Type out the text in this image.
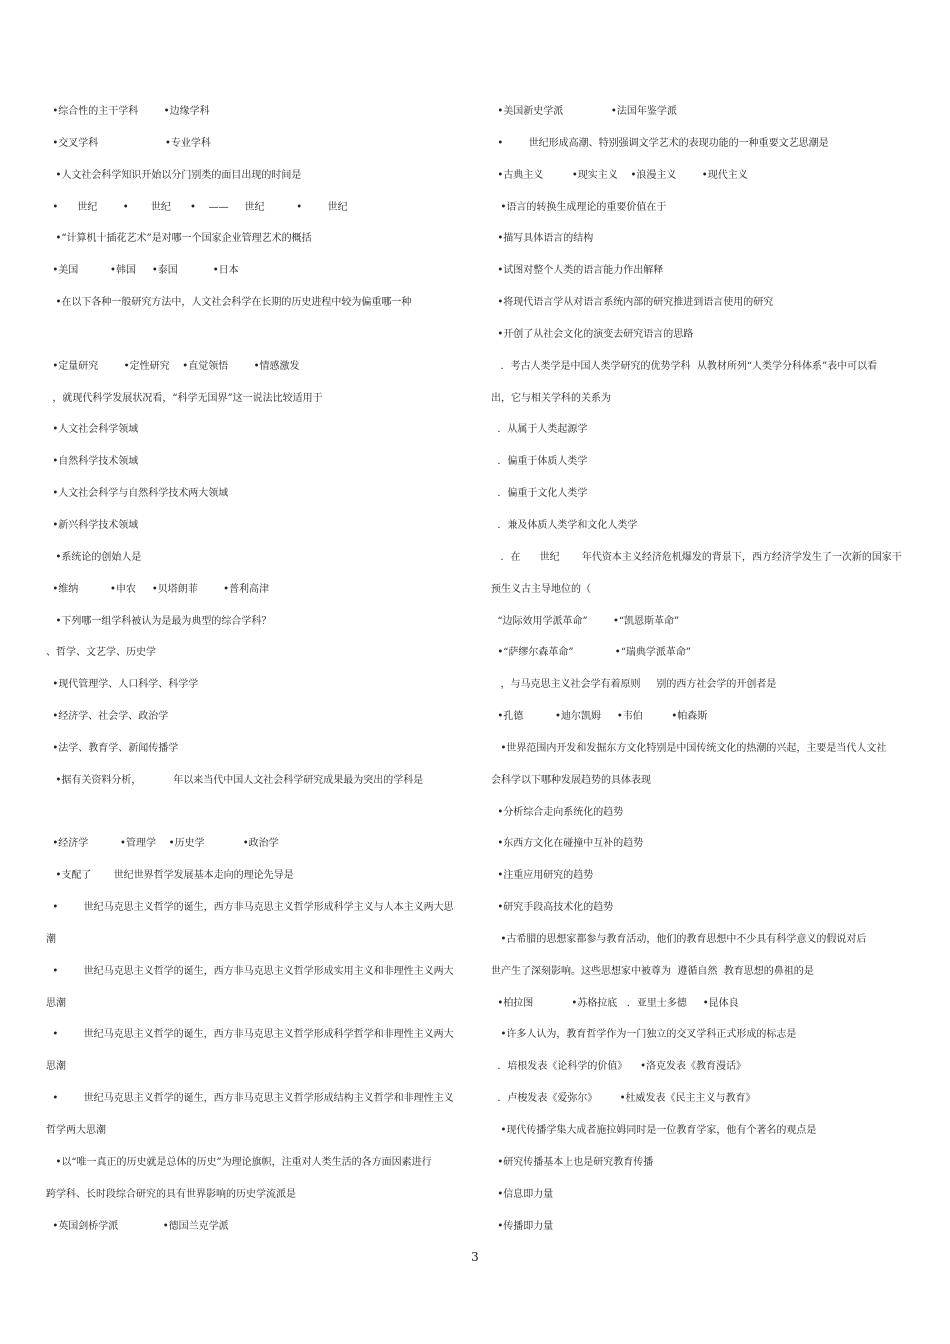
•综合性的主干学科        •边缘学科
•交叉学科                     •专业学科
•人文社会科学知识开始以分门别类的面目出现的时间是
•      世纪        •       世纪      •    ——     世纪          •        世纪
•“计算机十插花艺术”是对哪一个国家企业管理艺术的概括
•美国          •韩国     •泰国           •日本
•在以下各种一般研究方法中，人文社会科学在长期的历史进程中较为偏重哪一种
•定量研究        •定性研究    •直觉领悟        •情感激发
，就现代科学发展状况看，“科学无国界”这一说法比较适用于
•人文社会科学领域
•自然科学技术领域
•人文社会科学与自然科学技术两大领域
•新兴科学技术领域
•系统论的创始人是
•维纳          •申农     •贝塔朗菲        •普利高津
•下列哪一组学科被认为是最为典型的综合学科？
、哲学、文艺学、历史学
•现代管理学、人口科学、科学学
•经济学、社会学、政治学
•法学、教育学、新闻传播学
•据有关资料分析，          年以来当代中国人文社会科学研究成果最为突出的学科是
•经济学          •管理学    •历史学            •政治学
•支配了       世纪世界哲学发展基本走向的理论先导是
•        世纪马克思主义哲学的诞生，西方非马克思主义哲学形成科学主义与人本主义两大思
潮
•        世纪马克思主义哲学的诞生，西方非马克思主义哲学形成实用主义和非理性主义两大
思潮
•        世纪马克思主义哲学的诞生，西方非马克思主义哲学形成科学哲学和非理性主义两大
思潮
•        世纪马克思主义哲学的诞生，西方非马克思主义哲学形成结构主义哲学和非理性主义
哲学两大思潮
•以“唯一真正的历史就是总体的历史”为理论旗帜，注重对人类生活的各方面因素进行
跨学科、长时段综合研究的具有世界影响的历史学流派是
•英国剑桥学派              •德国兰克学派
•美国新史学派               •法国年鉴学派
•        世纪形成高潮、特别强调文学艺术的表现功能的一种重要文艺思潮是
•古典主义         •现实主义    •浪漫主义        •现代主义
•语言的转换生成理论的重要价值在于
•描写具体语言的结构
•试图对整个人类的语言能力作出解释
•将现代语言学从对语言系统内部的研究推进到语言使用的研究
•开创了从社会文化的演变去研究语言的思路
．考古人类学是中国人类学研究的优势学科  从教材所列“人类学分科体系”表中可以看
出，它与相关学科的关系为
．从属于人类起源学
．偏重于体质人类学
．偏重于文化人类学
．兼及体质人类学和文化人类学
．在      世纪       年代资本主义经济危机爆发的背景下，西方经济学发生了一次新的国家干
预生义古主导地位的（
“边际效用学派革命”        •“凯恩斯革命”
•“萨缪尔森革命”             •“瑞典学派革命”
，与马克思主义社会学有着原则     别的西方社会学的开创者是
•孔德          •迪尔凯姆     •韦伯         •帕森斯
•世界范围内开发和发掘东方文化特别是中国传统文化的热潮的兴起，主要是当代人文社
会科学以下哪种发展趋势的具体表现
•分析综合走向系统化的趋势
•东西方文化在碰撞中互补的趋势
•注重应用研究的趋势
•研究手段高技术化的趋势
•古希腊的思想家都参与教育活动，他们的教育思想中不少具有科学意义的假说对后
世产生了深刻影响。这些思想家中被尊为  遵循自然  教育思想的鼻祖的是
•柏拉图            •苏格拉底   ．亚里士多德     •昆体良
•许多人认为，教育哲学作为一门独立的交叉学科正式形成的标志是
．培根发表《论科学的价值》    •洛克发表《教育漫话》
．卢梭发表《爱弥尔》       •杜威发表《民主主义与教育》
•现代传播学集大成者施拉姆同时是一位教育学家，他有个著名的观点是
•研究传播基本上也是研究教育传播
•信息即力量
•传播即力量
3
